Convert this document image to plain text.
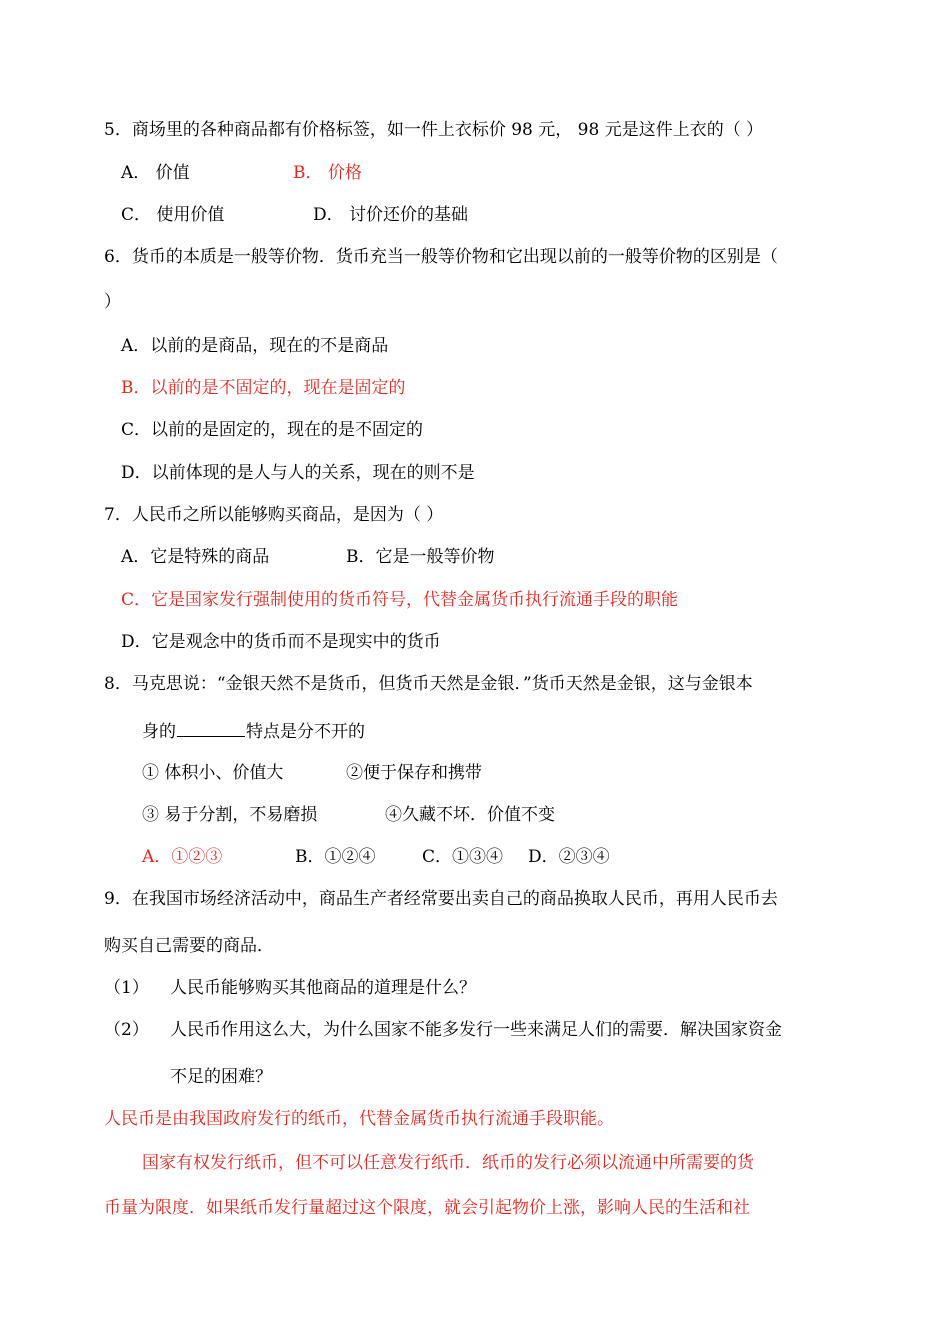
5．商场里的各种商品都有价格标签，如一件上衣标价 98 元， 98 元是这件上衣的（ ）
A． 价值	B． 价格
C． 使用价值	D． 讨价还价的基础
6．货币的本质是一般等价物．货币充当一般等价物和它出现以前的一般等价物的区别是（
）
A．以前的是商品，现在的不是商品
B．以前的是不固定的，现在是固定的
C．以前的是固定的，现在的是不固定的
D．以前体现的是人与人的关系，现在的则不是
7．人民币之所以能够购买商品，是因为（ ）
A．它是特殊的商品	B．它是一般等价物
C．它是国家发行强制使用的货币符号，代替金属货币执行流通手段的职能
D．它是观念中的货币而不是现实中的货币
8．马克思说：“金银天然不是货币，但货币天然是金银．”货币天然是金银，这与金银本
身的	特点是分不开的
① 体积小、价值大	②便于保存和携带
③ 易于分割，不易磨损	④久藏不坏．价值不变
A．①②③	B．①②④	C．①③④ D．②③④
9．在我国市场经济活动中，商品生产者经常要出卖自己的商品换取人民币，再用人民币去
购买自己需要的商品．
（1） 人民币能够购买其他商品的道理是什么？
（2） 人民币作用这么大，为什么国家不能多发行一些来满足人们的需要．解决国家资金
不足的困难？
人民币是由我国政府发行的纸币，代替金属货币执行流通手段职能。
国家有权发行纸币，但不可以任意发行纸币．纸币的发行必须以流通中所需要的货
币量为限度．如果纸币发行量超过这个限度，就会引起物价上涨，影响人民的生活和社
